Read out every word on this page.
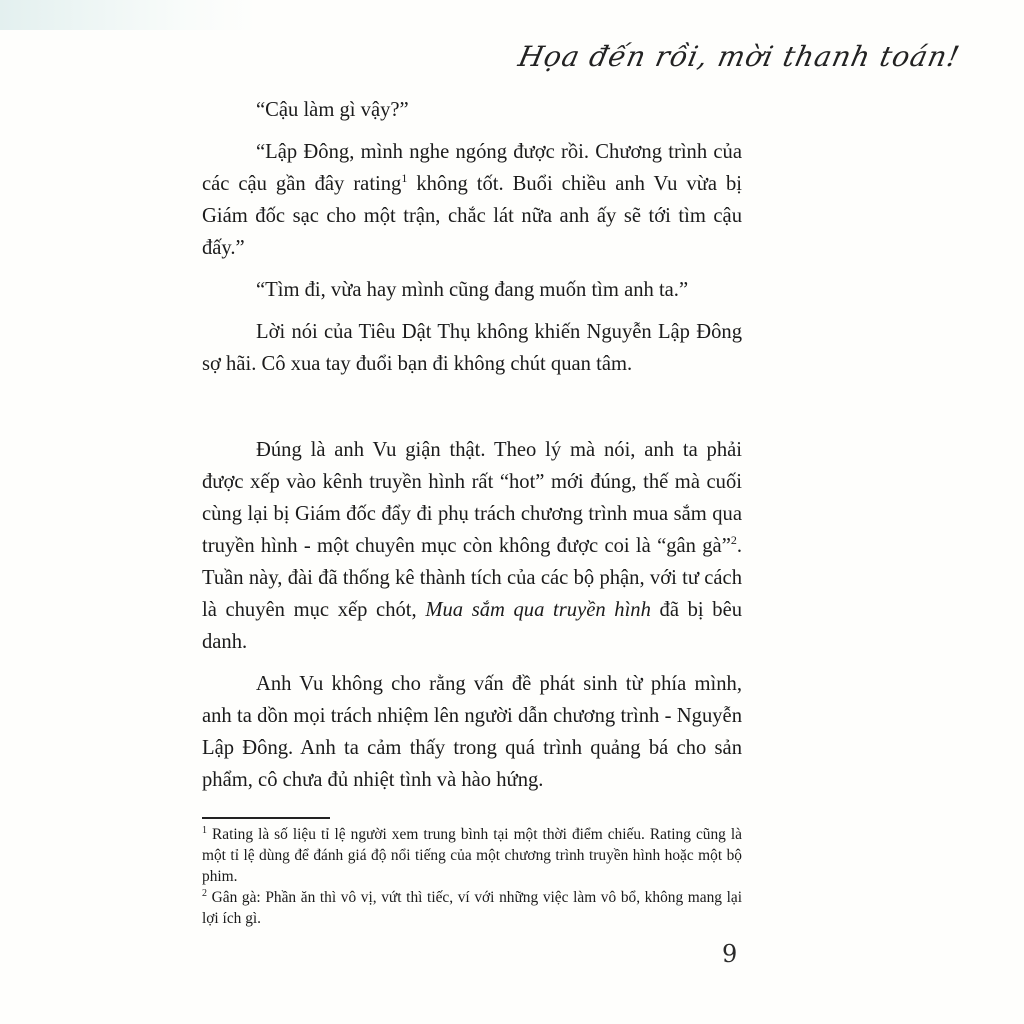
Họa đến rồi, mời thanh toán!

“Cậu làm gì vậy?”

“Lập Đông, mình nghe ngóng được rồi. Chương trình của các cậu gần đây rating$^1$ không tốt. Buổi chiều anh Vu vừa bị Giám đốc sạc cho một trận, chắc lát nữa anh ấy sẽ tới tìm cậu đấy.”

“Tìm đi, vừa hay mình cũng đang muốn tìm anh ta.”

Lời nói của Tiêu Dật Thụ không khiến Nguyễn Lập Đông sợ hãi. Cô xua tay đuổi bạn đi không chút quan tâm.

Đúng là anh Vu giận thật. Theo lý mà nói, anh ta phải được xếp vào kênh truyền hình rất “hot” mới đúng, thế mà cuối cùng lại bị Giám đốc đẩy đi phụ trách chương trình mua sắm qua truyền hình - một chuyên mục còn không được coi là “gân gà”$^2$. Tuần này, đài đã thống kê thành tích của các bộ phận, với tư cách là chuyên mục xếp chót, Mua sắm qua truyền hình đã bị bêu danh.

Anh Vu không cho rằng vấn đề phát sinh từ phía mình, anh ta dồn mọi trách nhiệm lên người dẫn chương trình - Nguyễn Lập Đông. Anh ta cảm thấy trong quá trình quảng bá cho sản phẩm, cô chưa đủ nhiệt tình và hào hứng.

$^1$ Rating là số liệu tỉ lệ người xem trung bình tại một thời điểm chiếu. Rating cũng là một tỉ lệ dùng để đánh giá độ nổi tiếng của một chương trình truyền hình hoặc một bộ phim.

$^2$ Gân gà: Phần ăn thì vô vị, vứt thì tiếc, ví với những việc làm vô bổ, không mang lại lợi ích gì.

9
